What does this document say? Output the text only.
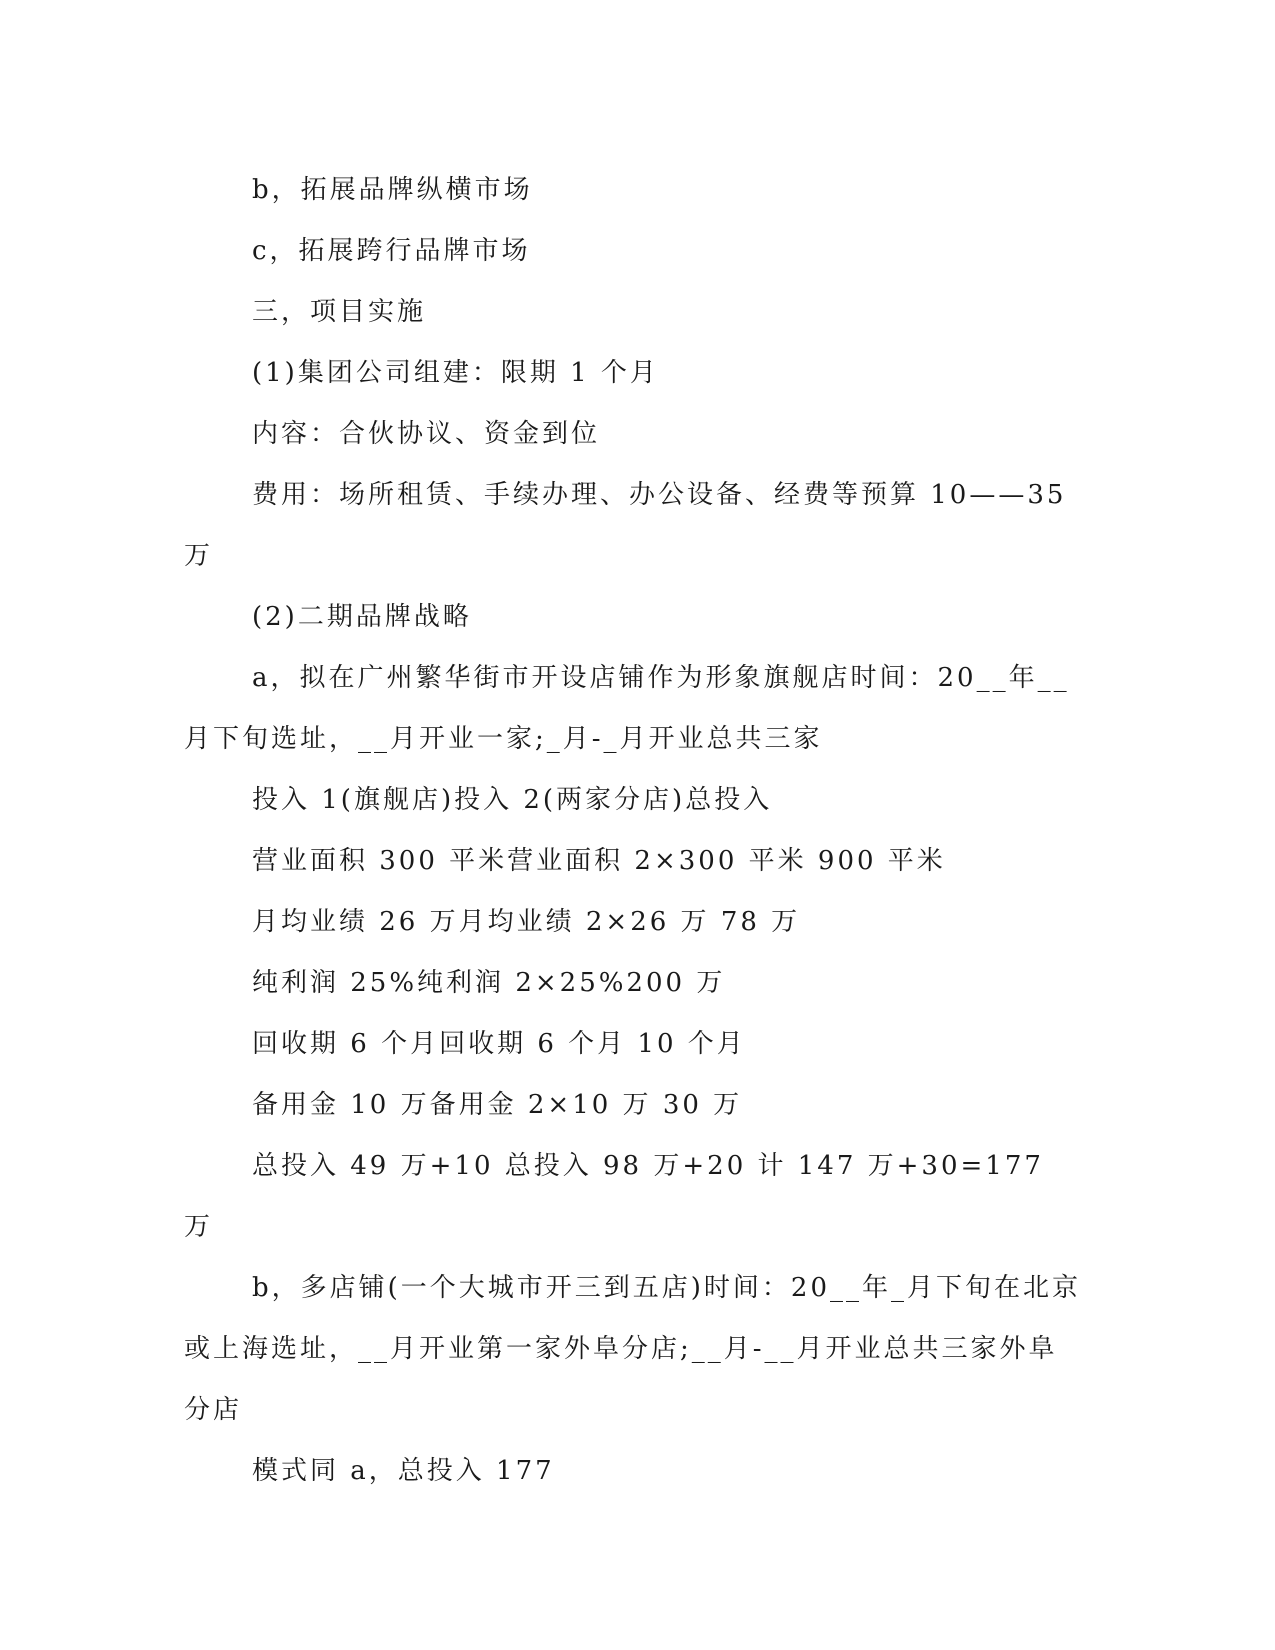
b，拓展品牌纵横市场

c，拓展跨行品牌市场

三，项目实施

(1)集团公司组建：限期 1 个月

内容：合伙协议、资金到位

费用：场所租赁、手续办理、办公设备、经费等预算 10——35 万

(2)二期品牌战略

a，拟在广州繁华街市开设店铺作为形象旗舰店时间：20__年__月下旬选址，__月开业一家;_月-_月开业总共三家

投入 1(旗舰店)投入 2(两家分店)总投入

营业面积 300 平米营业面积 2×300 平米 900 平米

月均业绩 26 万月均业绩 2×26 万 78 万

纯利润 25%纯利润 2×25%200 万

回收期 6 个月回收期 6 个月 10 个月

备用金 10 万备用金 2×10 万 30 万

总投入 49 万+10 总投入 98 万+20 计 147 万+30=177 万

b，多店铺(一个大城市开三到五店)时间：20__年_月下旬在北京或上海选址，__月开业第一家外阜分店;__月-__月开业总共三家外阜分店

模式同 a，总投入 177
